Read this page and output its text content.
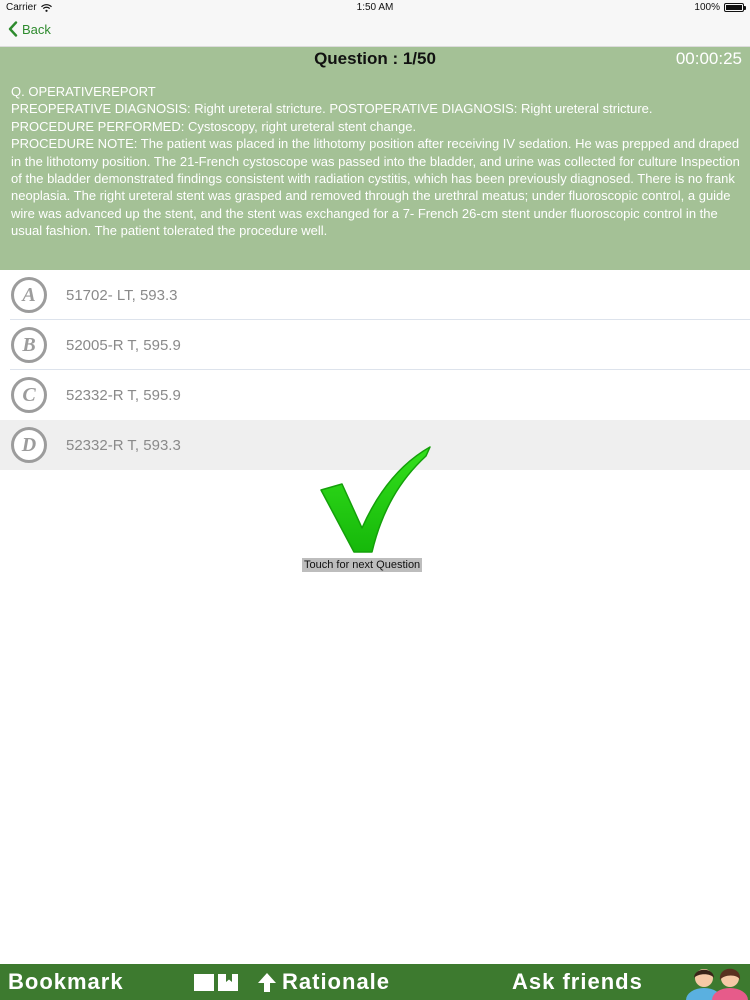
Carrier	1:50 AM	100%
Back
Question : 1/50	00:00:25

Q. OPERATIVEREPORT

PREOPERATIVE DIAGNOSIS: Right ureteral stricture. POSTOPERATIVE DIAGNOSIS: Right ureteral stricture.

PROCEDURE PERFORMED: Cystoscopy, right ureteral stent change.

PROCEDURE NOTE: The patient was placed in the lithotomy position after receiving IV sedation. He was prepped and draped in the lithotomy position. The 21-French cystoscope was passed into the bladder, and urine was collected for culture Inspection of the bladder demonstrated findings consistent with radiation cystitis, which has been previously diagnosed. There is no frank neoplasia. The right ureteral stent was grasped and removed through the urethral meatus; under fluoroscopic control, a guide wire was advanced up the stent, and the stent was exchanged for a 7- French 26-cm stent under fluoroscopic control in the usual fashion. The patient tolerated the procedure well.

A	51702- LT, 593.3
B	52005-R T, 595.9
C	52332-R T, 595.9
D	52332-R T, 593.3
Touch for next Question
Bookmark	Rationale	Ask friends
